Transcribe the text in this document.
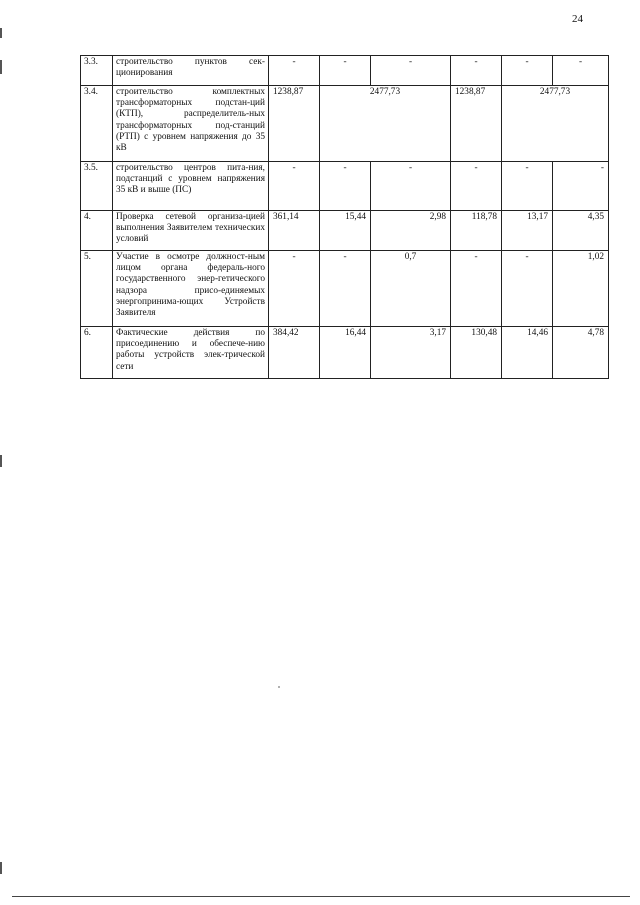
24
3.3.	строительство пунктов сек-ционирования	-	-	-	-	-	-
3.4.	строительство комплектных трансформаторных подстан-ций (КТП), распределитель-ных трансформаторных под-станций (РТП) с уровнем напряжения до 35 кВ	1238,87	2477,73		1238,87	2477,73	
3.5.	строительство центров пита-ния, подстанций с уровнем напряжения 35 кВ и выше (ПС)	-	-	-	-	-	-
4.	Проверка сетевой организа-цией выполнения Заявителем технических условий	361,14	15,44	2,98	118,78	13,17	4,35
5.	Участие в осмотре должност-ным лицом органа федераль-ного государственного энер-гетического надзора присо-единяемых энергопринима-ющих Устройств Заявителя	-	-	0,7	-	-	1,02
6.	Фактические действия по присоединению и обеспече-нию работы устройств элек-трической сети	384,42	16,44	3,17	130,48	14,46	4,78
